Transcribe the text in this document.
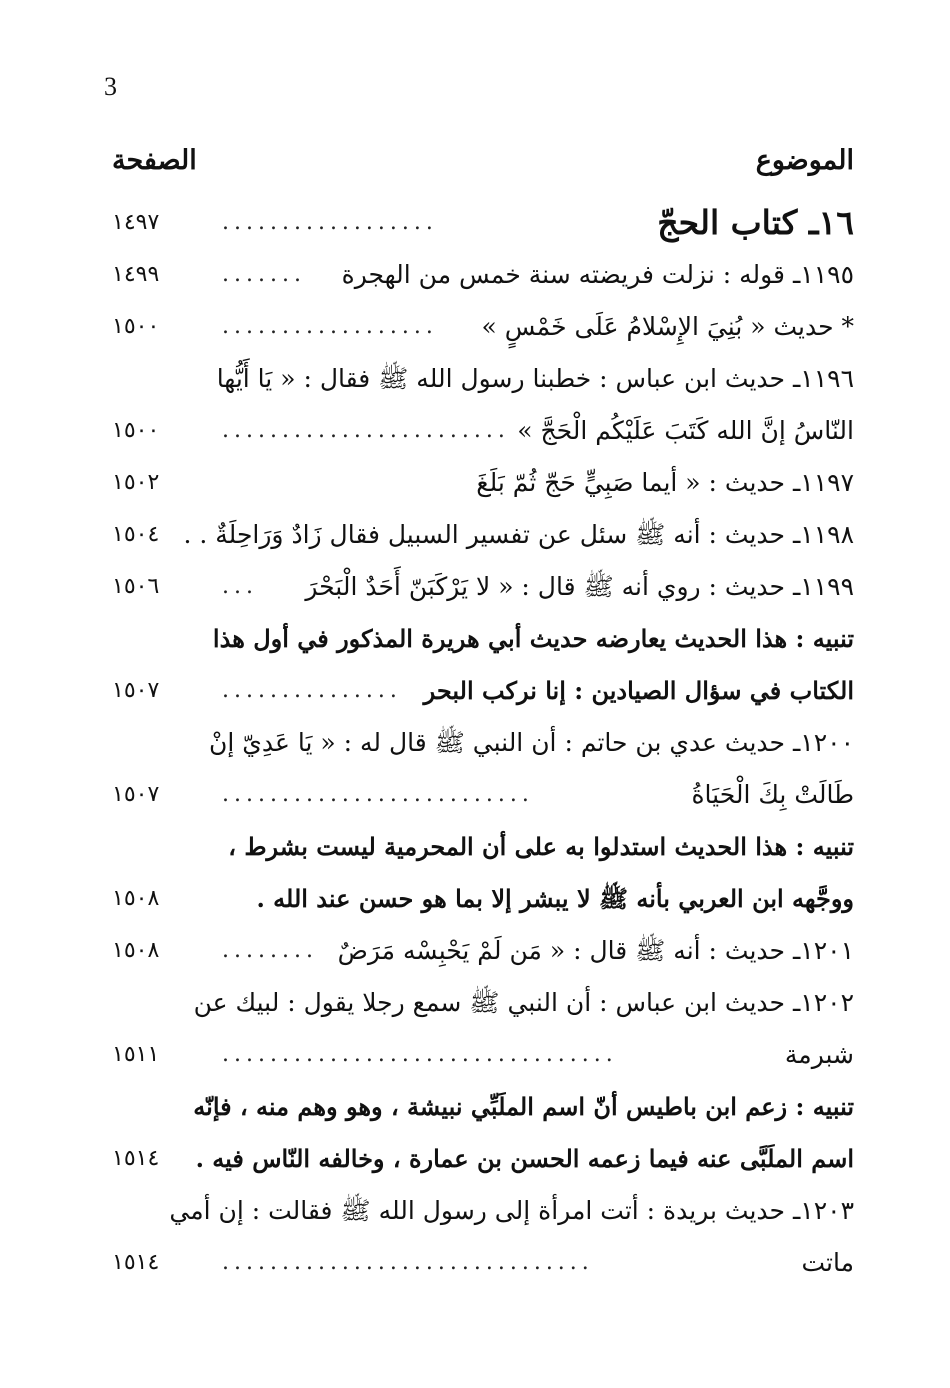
3
الموضوع
الصفحة
١٦ـ كتاب الحجّ
..................
١٤٩٧
١١٩٥ـ قوله : نزلت فريضته سنة خمس من الهجرة
.......
١٤٩٩
* حديث « بُنِيَ الإِسْلامُ عَلَى خَمْسٍ »
..................
١٥٠٠
١١٩٦ـ حديث ابن عباس : خطبنا رسول الله ﷺ فقال : « يَا أَيُّها
النّاسُ إنَّ الله كَتَبَ عَلَيْكُم الْحَجَّ »
........................
١٥٠٠
١١٩٧ـ حديث : « أيما صَبِيٍّ حَجّ ثُمّ بَلَغَ
١٥٠٢
١١٩٨ـ حديث : أنه ﷺ سئل عن تفسير السبيل فقال زَادٌ وَرَاحِلَةٌ . .
١٥٠٤
١١٩٩ـ حديث : روي أنه ﷺ قال : « لا يَرْكَبَنّ أَحَدٌ الْبَحْرَ
...
١٥٠٦
تنبيه : هذا الحديث يعارضه حديث أبي هريرة المذكور في أول هذا
الكتاب في سؤال الصيادين : إنا نركب البحر
...............
١٥٠٧
١٢٠٠ـ حديث عدي بن حاتم : أن النبي ﷺ قال له : « يَا عَدِيّ إنْ
طَالَتْ بِكَ الْحَيَاةُ
..........................
١٥٠٧
تنبيه : هذا الحديث استدلوا به على أن المحرمية ليست بشرط ،
ووجَّهه ابن العربي بأنه ﷺ لا يبشر إلا بما هو حسن عند الله .
١٥٠٨
١٢٠١ـ حديث : أنه ﷺ قال : « مَن لَمْ يَحْبِسْه مَرَضٌ
........
١٥٠٨
١٢٠٢ـ حديث ابن عباس : أن النبي ﷺ سمع رجلا يقول : لبيك عن
شبرمة
.................................
١٥١١
تنبيه : زعم ابن باطيس أنّ اسم الملَبِّي نبيشة ، وهو وهم منه ، فإنّه
اسم الملَبَّى عنه فيما زعمه الحسن بن عمارة ، وخالفه النّاس فيه .
١٥١٤
١٢٠٣ـ حديث بريدة : أتت امرأة إلى رسول الله ﷺ فقالت : إن أمي
ماتت
...............................
١٥١٤
